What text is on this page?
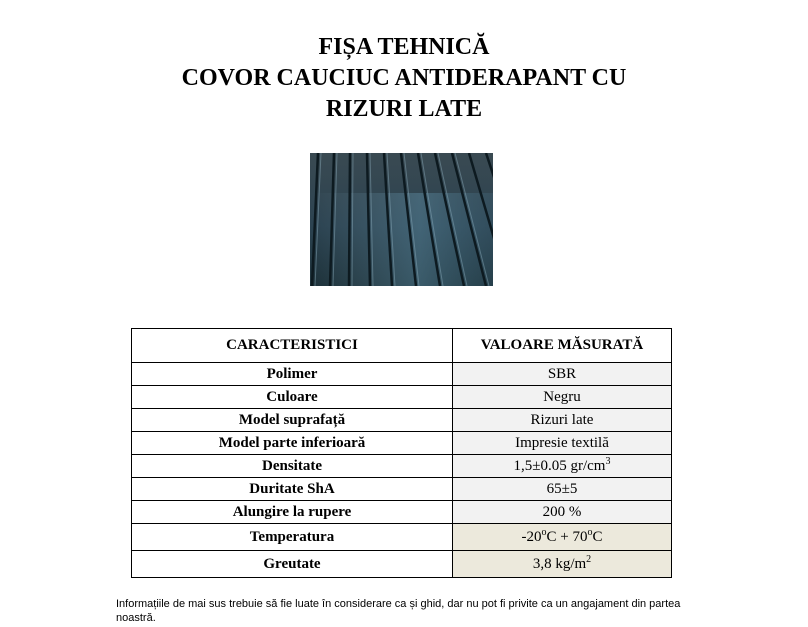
FIȘA TEHNICĂ
COVOR CAUCIUC ANTIDERAPANT CU
RIZURI LATE
CARACTERISTICI	VALOARE MĂSURATĂ
Polimer	SBR
Culoare	Negru
Model suprafață	Rizuri late
Model parte inferioară	Impresie textilă
Densitate	1,5±0.05 $gr/cm^3$
Duritate ShA	65±5
Alungire la rupere	200 %
Temperatura	$-20^oC + 70^oC$
Greutate	3,8 $kg/m^2$
Informațiile de mai sus trebuie să fie luate în considerare ca și ghid, dar nu pot fi privite ca un angajament din partea noastră.
